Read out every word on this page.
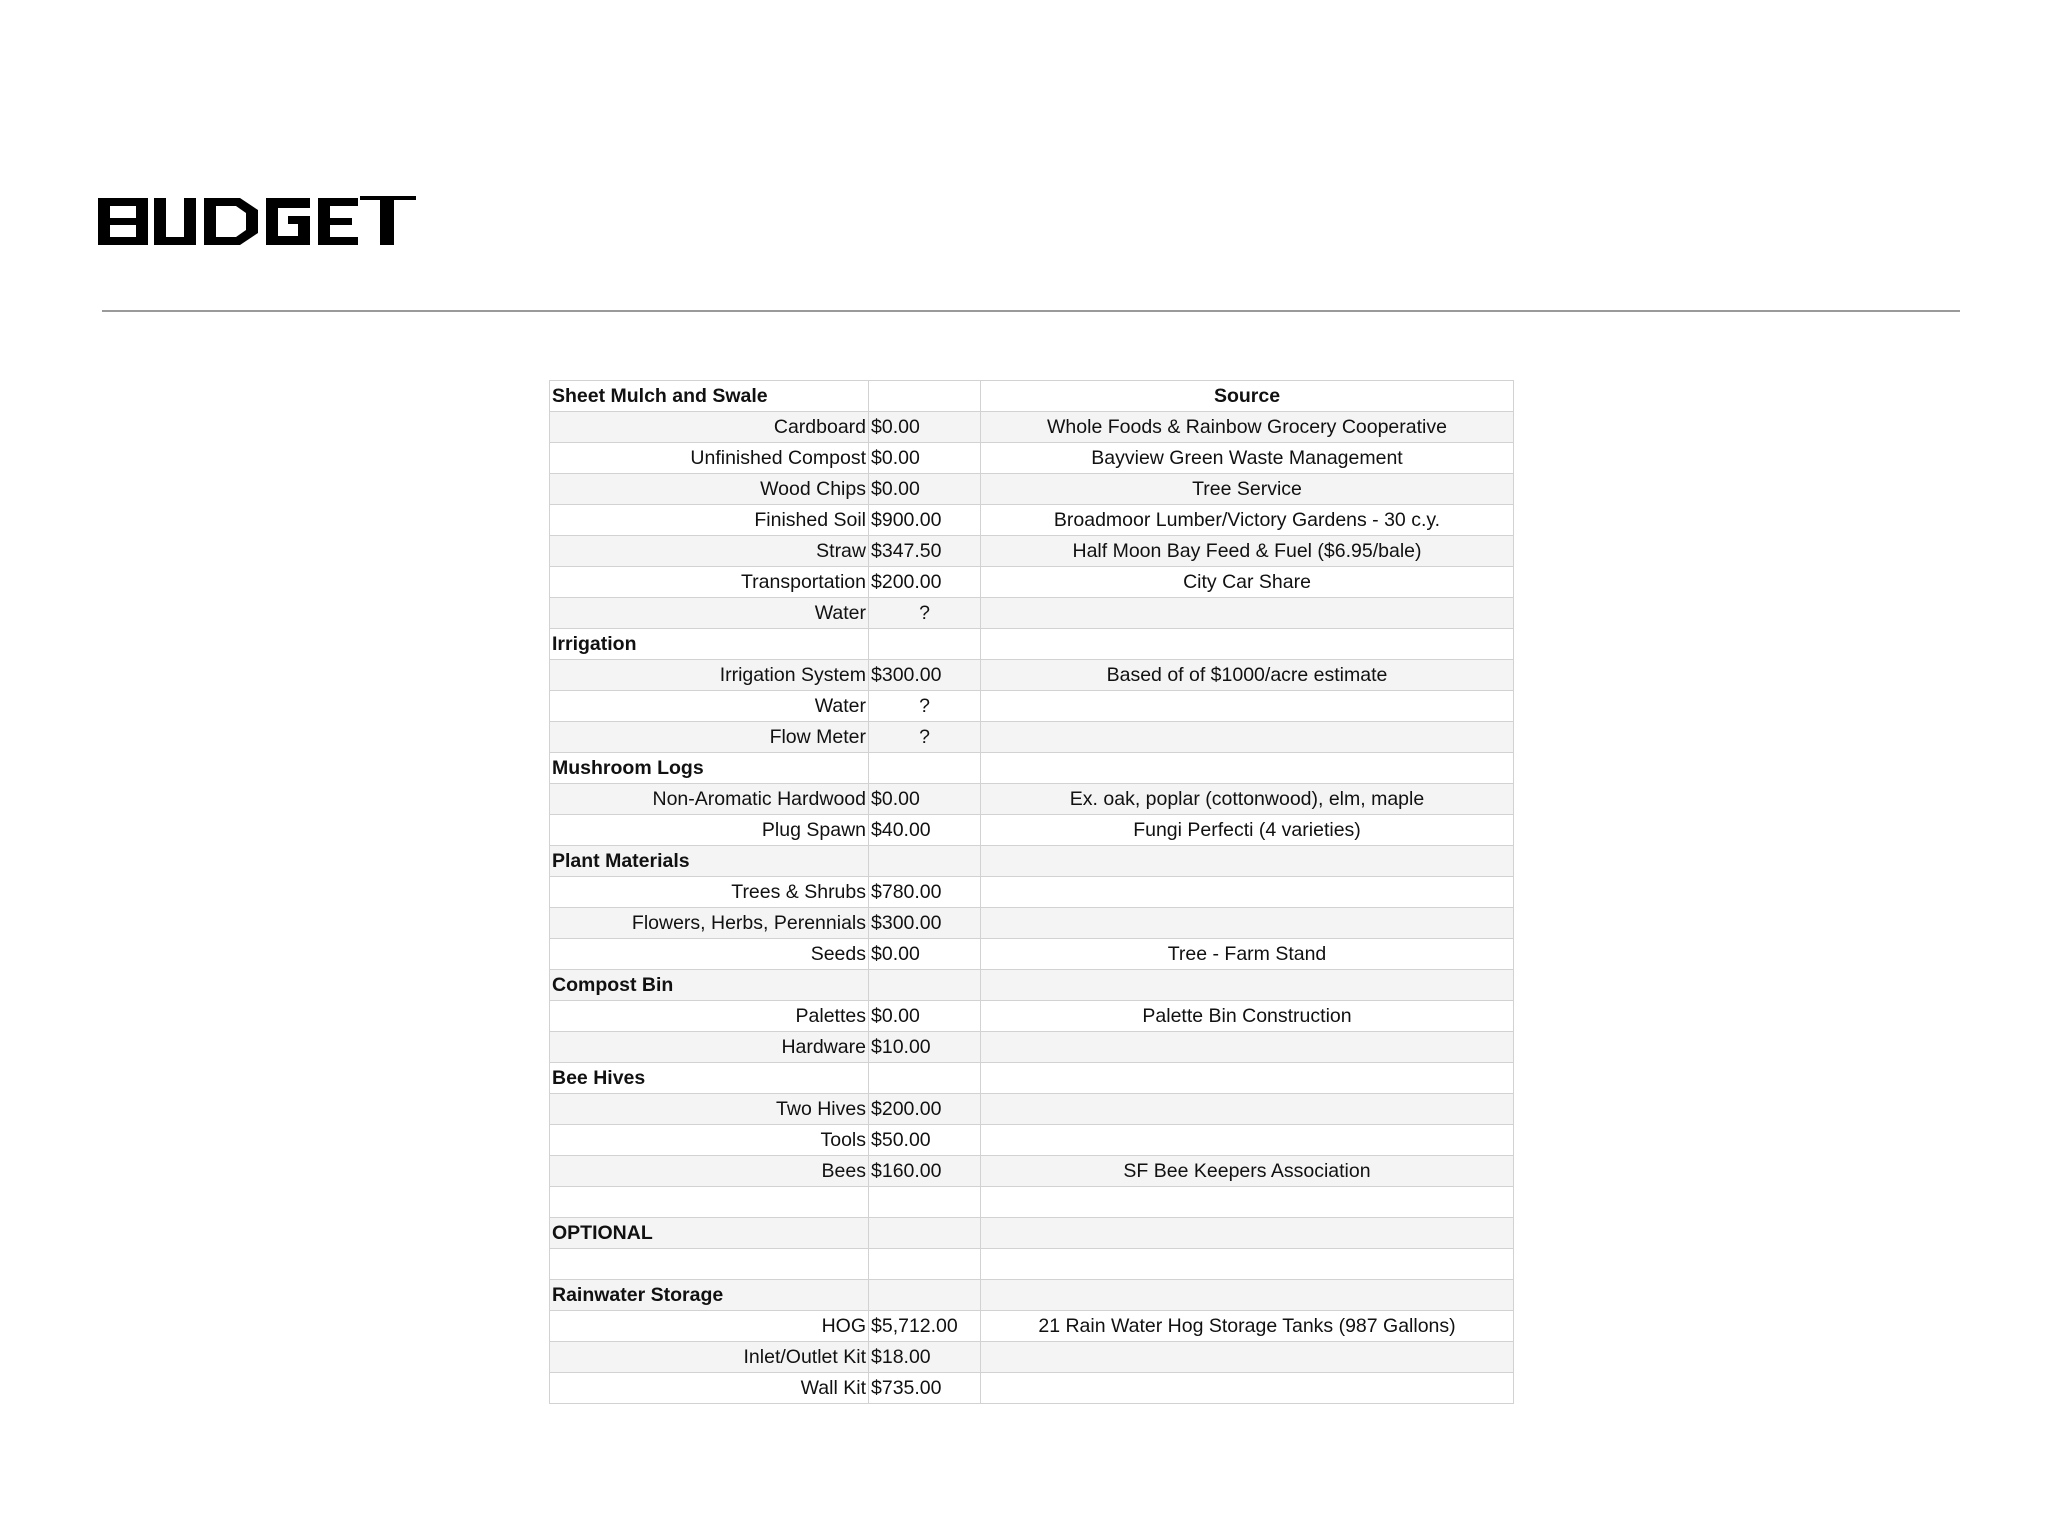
Sheet Mulch and Swale		Source
Cardboard	$0.00	Whole Foods & Rainbow Grocery Cooperative
Unfinished Compost	$0.00	Bayview Green Waste Management
Wood Chips	$0.00	Tree Service
Finished Soil	$900.00	Broadmoor Lumber/Victory Gardens - 30 c.y.
Straw	$347.50	Half Moon Bay Feed & Fuel ($6.95/bale)
Transportation	$200.00	City Car Share
Water	?	
Irrigation		
Irrigation System	$300.00	Based of of $1000/acre estimate
Water	?	
Flow Meter	?	
Mushroom Logs		
Non-Aromatic Hardwood	$0.00	Ex. oak, poplar (cottonwood), elm, maple
Plug Spawn	$40.00	Fungi Perfecti (4 varieties)
Plant Materials		
Trees & Shrubs	$780.00	
Flowers, Herbs, Perennials	$300.00	
Seeds	$0.00	Tree - Farm Stand
Compost Bin		
Palettes	$0.00	Palette Bin Construction
Hardware	$10.00	
Bee Hives		
Two Hives	$200.00	
Tools	$50.00	
Bees	$160.00	SF Bee Keepers Association

OPTIONAL		

Rainwater Storage		
HOG	$5,712.00	21 Rain Water Hog Storage Tanks (987 Gallons)
Inlet/Outlet Kit	$18.00	
Wall Kit	$735.00	
